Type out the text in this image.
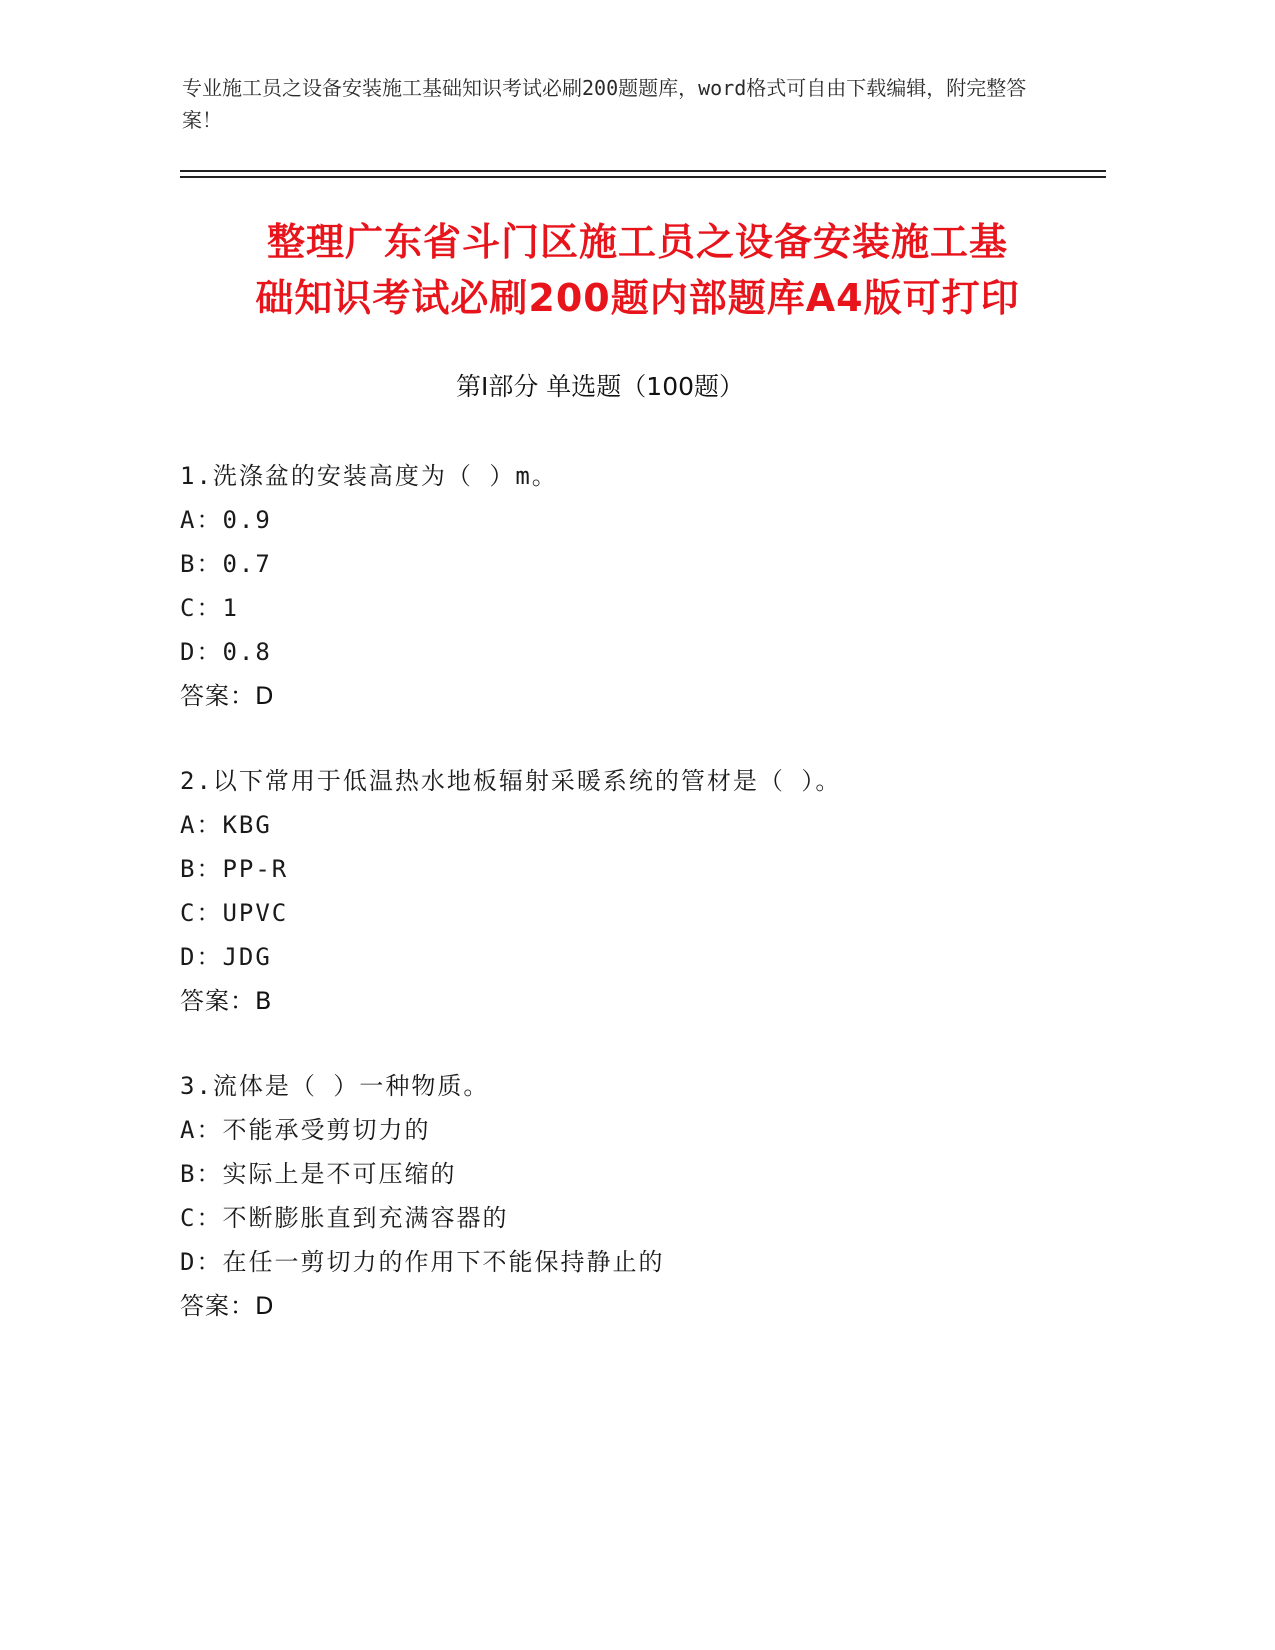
专业施工员之设备安装施工基础知识考试必刷200题题库，word格式可自由下载编辑，附完整答案！
整理广东省斗门区施工员之设备安装施工基
础知识考试必刷200题内部题库A4版可打印
第Ⅰ部分 单选题（100题）
1.洗涤盆的安装高度为（ ）m。
A：0.9
B：0.7
C：1
D：0.8
答案：D
2.以下常用于低温热水地板辐射采暖系统的管材是（ ）。
A：KBG
B：PP-R
C：UPVC
D：JDG
答案：B
3.流体是（ ）一种物质。
A：不能承受剪切力的
B：实际上是不可压缩的
C：不断膨胀直到充满容器的
D：在任一剪切力的作用下不能保持静止的
答案：D
